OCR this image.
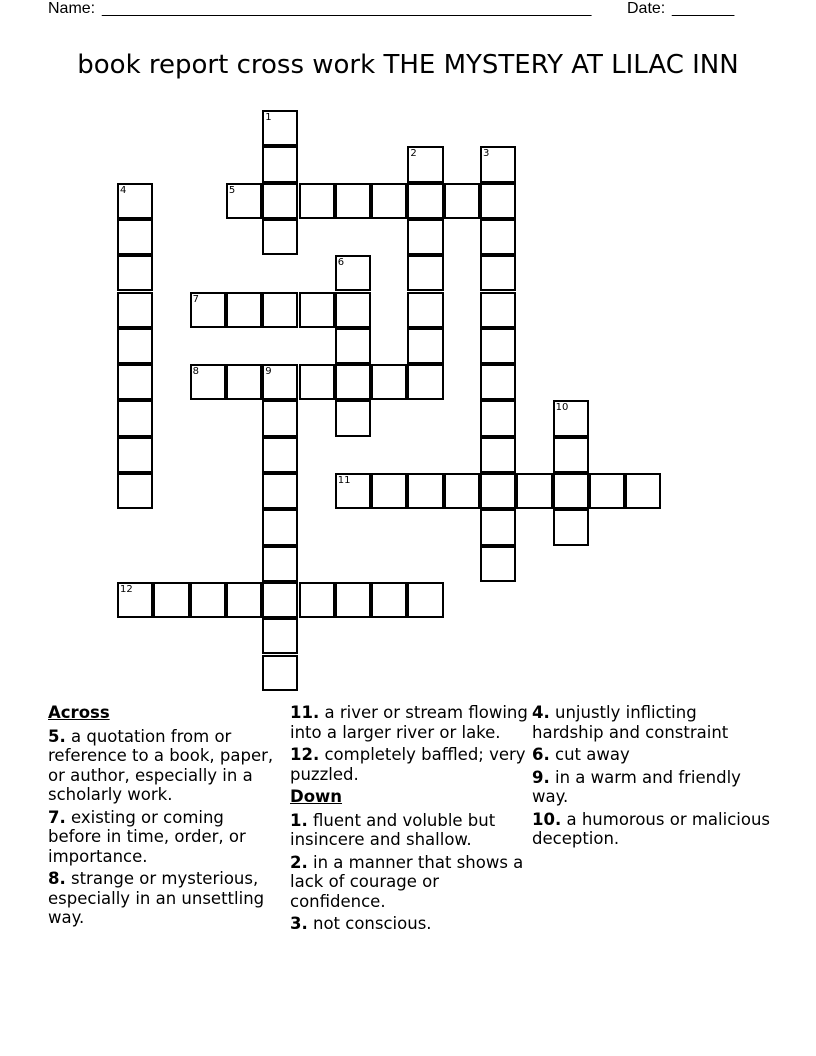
Name: _______________________________________________________ Date: _______
book report cross work THE MYSTERY AT LILAC INN
1
2	3
4	5
6
7
8	9
10
11
12
Across
5. a quotation from or reference to a book, paper, or author, especially in a scholarly work.
7. existing or coming before in time, order, or importance.
8. strange or mysterious, especially in an unsettling way.
11. a river or stream flowing into a larger river or lake.
12. completely baffled; very puzzled.
Down
1. fluent and voluble but insincere and shallow.
2. in a manner that shows a lack of courage or confidence.
3. not conscious.
4. unjustly inflicting hardship and constraint
6. cut away
9. in a warm and friendly way.
10. a humorous or malicious deception.
